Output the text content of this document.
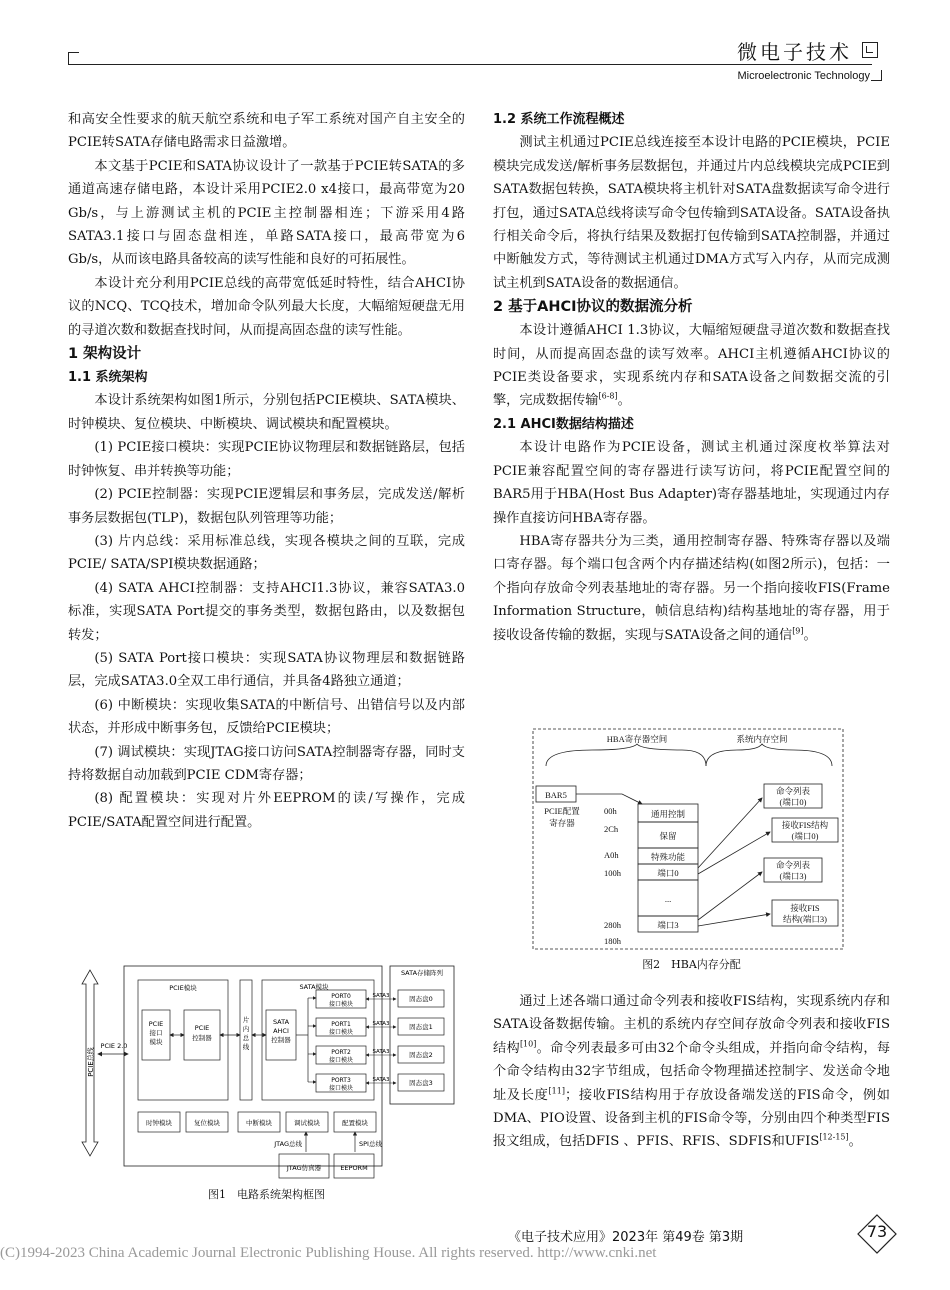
微电子技术
Microelectronic Technology

和高安全性要求的航天航空系统和电子军工系统对国产自主安全的PCIE转SATA存储电路需求日益激增。

本文基于PCIE和SATA协议设计了一款基于PCIE转SATA的多通道高速存储电路，本设计采用PCIE2.0 x4接口，最高带宽为20 Gb/s，与上游测试主机的PCIE主控制器相连；下游采用4路SATA3.1接口与固态盘相连，单路SATA接口，最高带宽为6 Gb/s，从而该电路具备较高的读写性能和良好的可拓展性。

本设计充分利用PCIE总线的高带宽低延时特性，结合AHCI协议的NCQ、TCQ技术，增加命令队列最大长度，大幅缩短硬盘无用的寻道次数和数据查找时间，从而提高固态盘的读写性能。

1 架构设计
1.1 系统架构

本设计系统架构如图1所示，分别包括PCIE模块、SATA模块、时钟模块、复位模块、中断模块、调试模块和配置模块。

(1) PCIE接口模块：实现PCIE协议物理层和数据链路层，包括时钟恢复、串并转换等功能；

(2) PCIE控制器：实现PCIE逻辑层和事务层，完成发送/解析事务层数据包(TLP)，数据包队列管理等功能；

(3) 片内总线：采用标准总线，实现各模块之间的互联，完成PCIE/ SATA/SPI模块数据通路；

(4) SATA AHCI控制器：支持AHCI1.3协议，兼容SATA3.0标准，实现SATA Port提交的事务类型，数据包路由，以及数据包转发；

(5) SATA Port接口模块：实现SATA协议物理层和数据链路层，完成SATA3.0全双工串行通信，并具备4路独立通道；

(6) 中断模块：实现收集SATA的中断信号、出错信号以及内部状态，并形成中断事务包，反馈给PCIE模块；

(7) 调试模块：实现JTAG接口访问SATA控制器寄存器，同时支持将数据自动加载到PCIE CDM寄存器；

(8) 配置模块：实现对片外EEPROM的读/写操作，完成PCIE/SATA配置空间进行配置。

PCIE总线
PCIE 2.0
PCIE模块
PCIE
接口
模块
PCIE
控制器
片
内
总
线
SATA模块
SATA
AHCI
控制器
PORT0
接口模块
PORT1
接口模块
PORT2
接口模块
PORT3
接口模块
SATA3
SATA3
SATA3
SATA3
SATA存储阵列
固态盘0
固态盘1
固态盘2
固态盘3
时钟模块	复位模块	中断模块	调试模块	配置模块
JTAG总线	SPI总线
JTAG仿真器	EEPORM
图1　电路系统架构框图
1.2 系统工作流程概述

测试主机通过PCIE总线连接至本设计电路的PCIE模块，PCIE模块完成发送/解析事务层数据包，并通过片内总线模块完成PCIE到SATA数据包转换，SATA模块将主机针对SATA盘数据读写命令进行打包，通过SATA总线将读写命令包传输到SATA设备。SATA设备执行相关命令后，将执行结果及数据打包传输到SATA控制器，并通过中断触发方式，等待测试主机通过DMA方式写入内存，从而完成测试主机到SATA设备的数据通信。

2 基于AHCI协议的数据流分析

本设计遵循AHCI 1.3协议，大幅缩短硬盘寻道次数和数据查找时间，从而提高固态盘的读写效率。AHCI主机遵循AHCI协议的PCIE类设备要求，实现系统内存和SATA设备之间数据交流的引擎，完成数据传输[6-8]。

2.1 AHCI数据结构描述

本设计电路作为PCIE设备，测试主机通过深度枚举算法对PCIE兼容配置空间的寄存器进行读写访问，将PCIE配置空间的BAR5用于HBA(Host Bus Adapter)寄存器基地址，实现通过内存操作直接访问HBA寄存器。

HBA寄存器共分为三类，通用控制寄存器、特殊寄存器以及端口寄存器。每个端口包含两个内存描述结构(如图2所示)，包括：一个指向存放命令列表基地址的寄存器。另一个指向接收FIS(Frame Information Structure，帧信息结构)结构基地址的寄存器，用于接收设备传输的数据，实现与SATA设备之间的通信[9]。

HBA寄存器空间	系统内存空间
BAR5
PCIE配置
寄存器
00h
2Ch
A0h
100h
280h
180h
通用控制
保留
特殊功能
端口0
...
端口3
命令列表
(端口0)
接收FIS结构
(端口0)
命令列表
(端口3)
接收FIS
结构(端口3)
图2　HBA内存分配

通过上述各端口通过命令列表和接收FIS结构，实现系统内存和SATA设备数据传输。主机的系统内存空间存放命令列表和接收FIS结构[10]。命令列表最多可由32个命令头组成，并指向命令结构，每个命令结构由32字节组成，包括命令物理描述控制字、发送命令地址及长度[11]；接收FIS结构用于存放设备端发送的FIS命令，例如DMA、PIO设置、设备到主机的FIS命令等，分别由四个种类型FIS报文组成，包括DFIS 、PFIS、RFIS、SDFIS和UFIS[12-15]。

《电子技术应用》2023年 第49卷 第3期	73
(C)1994-2023 China Academic Journal Electronic Publishing House. All rights reserved. http://www.cnki.net
